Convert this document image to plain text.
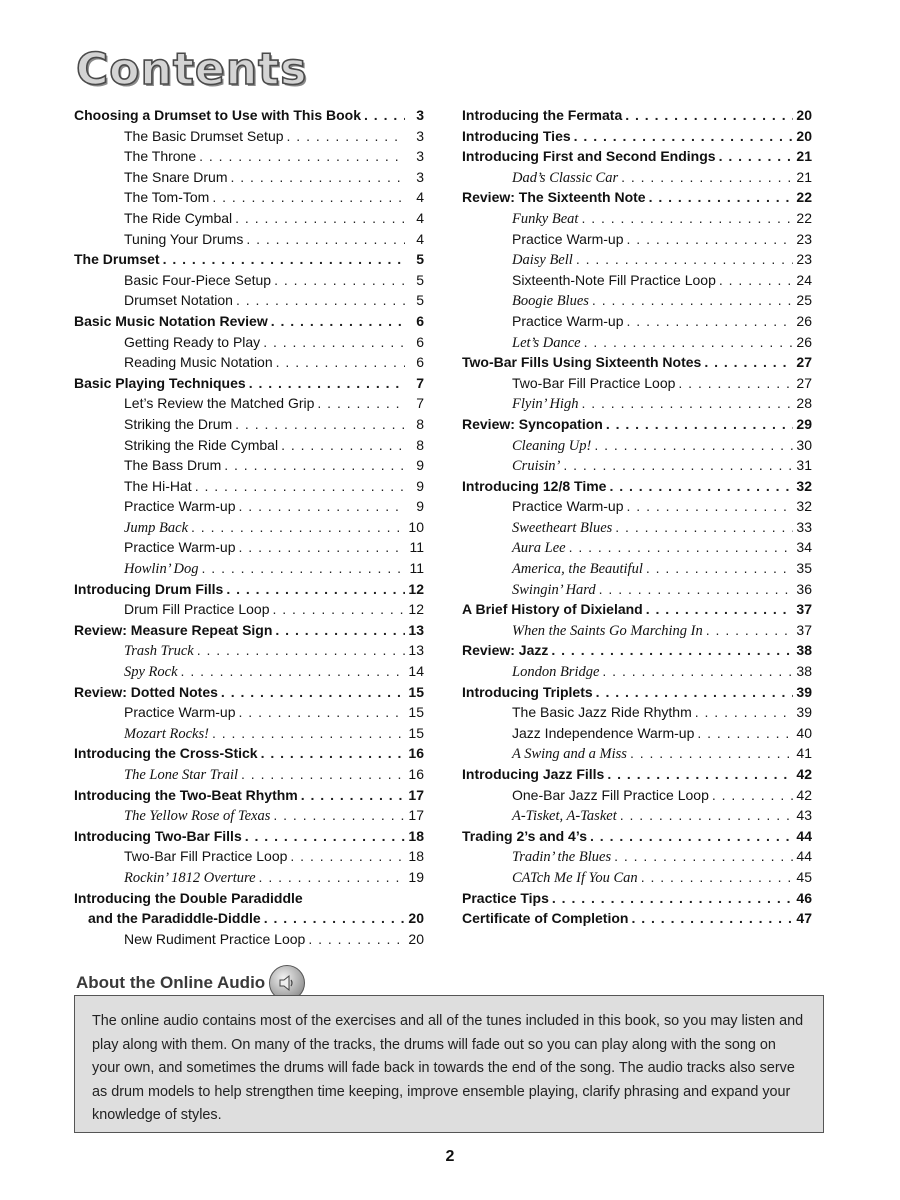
Contents
Choosing a Drumset to Use with This Book . . .	3
The Basic Drumset Setup . . .	3
The Throne . . .	3
The Snare Drum . . .	3
The Tom-Tom . . .	4
The Ride Cymbal . . .	4
Tuning Your Drums . . .	4
The Drumset . . .	5
Basic Four-Piece Setup . . .	5
Drumset Notation . . .	5
Basic Music Notation Review . . .	6
Getting Ready to Play . . .	6
Reading Music Notation . . .	6
Basic Playing Techniques . . .	7
Let’s Review the Matched Grip . . .	7
Striking the Drum . . .	8
Striking the Ride Cymbal . . .	8
The Bass Drum . . .	9
The Hi-Hat . . .	9
Practice Warm-up . . .	9
Jump Back . . .	10
Practice Warm-up . . .	11
Howlin’ Dog . . .	11
Introducing Drum Fills . . .	12
Drum Fill Practice Loop . . .	12
Review: Measure Repeat Sign . . .	13
Trash Truck . . .	13
Spy Rock . . .	14
Review: Dotted Notes . . .	15
Practice Warm-up . . .	15
Mozart Rocks! . . .	15
Introducing the Cross-Stick . . .	16
The Lone Star Trail . . .	16
Introducing the Two-Beat Rhythm . . .	17
The Yellow Rose of Texas . . .	17
Introducing Two-Bar Fills . . .	18
Two-Bar Fill Practice Loop . . .	18
Rockin’ 1812 Overture . . .	19
Introducing the Double Paradiddle
and the Paradiddle-Diddle . . .	20
New Rudiment Practice Loop . . .	20
Introducing the Fermata . . .	20
Introducing Ties . . .	20
Introducing First and Second Endings . . .	21
Dad’s Classic Car . . .	21
Review: The Sixteenth Note . . .	22
Funky Beat . . .	22
Practice Warm-up . . .	23
Daisy Bell . . .	23
Sixteenth-Note Fill Practice Loop . . .	24
Boogie Blues . . .	25
Practice Warm-up . . .	26
Let’s Dance . . .	26
Two-Bar Fills Using Sixteenth Notes . . .	27
Two-Bar Fill Practice Loop . . .	27
Flyin’ High . . .	28
Review: Syncopation . . .	29
Cleaning Up! . . .	30
Cruisin’ . . .	31
Introducing 12/8 Time . . .	32
Practice Warm-up . . .	32
Sweetheart Blues . . .	33
Aura Lee . . .	34
America, the Beautiful . . .	35
Swingin’ Hard . . .	36
A Brief History of Dixieland . . .	37
When the Saints Go Marching In . . .	37
Review: Jazz . . .	38
London Bridge . . .	38
Introducing Triplets . . .	39
The Basic Jazz Ride Rhythm . . .	39
Jazz Independence Warm-up . . .	40
A Swing and a Miss . . .	41
Introducing Jazz Fills . . .	42
One-Bar Jazz Fill Practice Loop . . .	42
A-Tisket, A-Tasket . . .	43
Trading 2’s and 4’s . . .	44
Tradin’ the Blues . . .	44
CATch Me If You Can . . .	45
Practice Tips . . .	46
Certificate of Completion . . .	47
About the Online Audio

The online audio contains most of the exercises and all of the tunes included in this book, so you may listen and play along with them. On many of the tracks, the drums will fade out so you can play along with the song on your own, and sometimes the drums will fade back in towards the end of the song. The audio tracks also serve as drum models to help strengthen time keeping, improve ensemble playing, clarify phrasing and expand your knowledge of styles.

2
